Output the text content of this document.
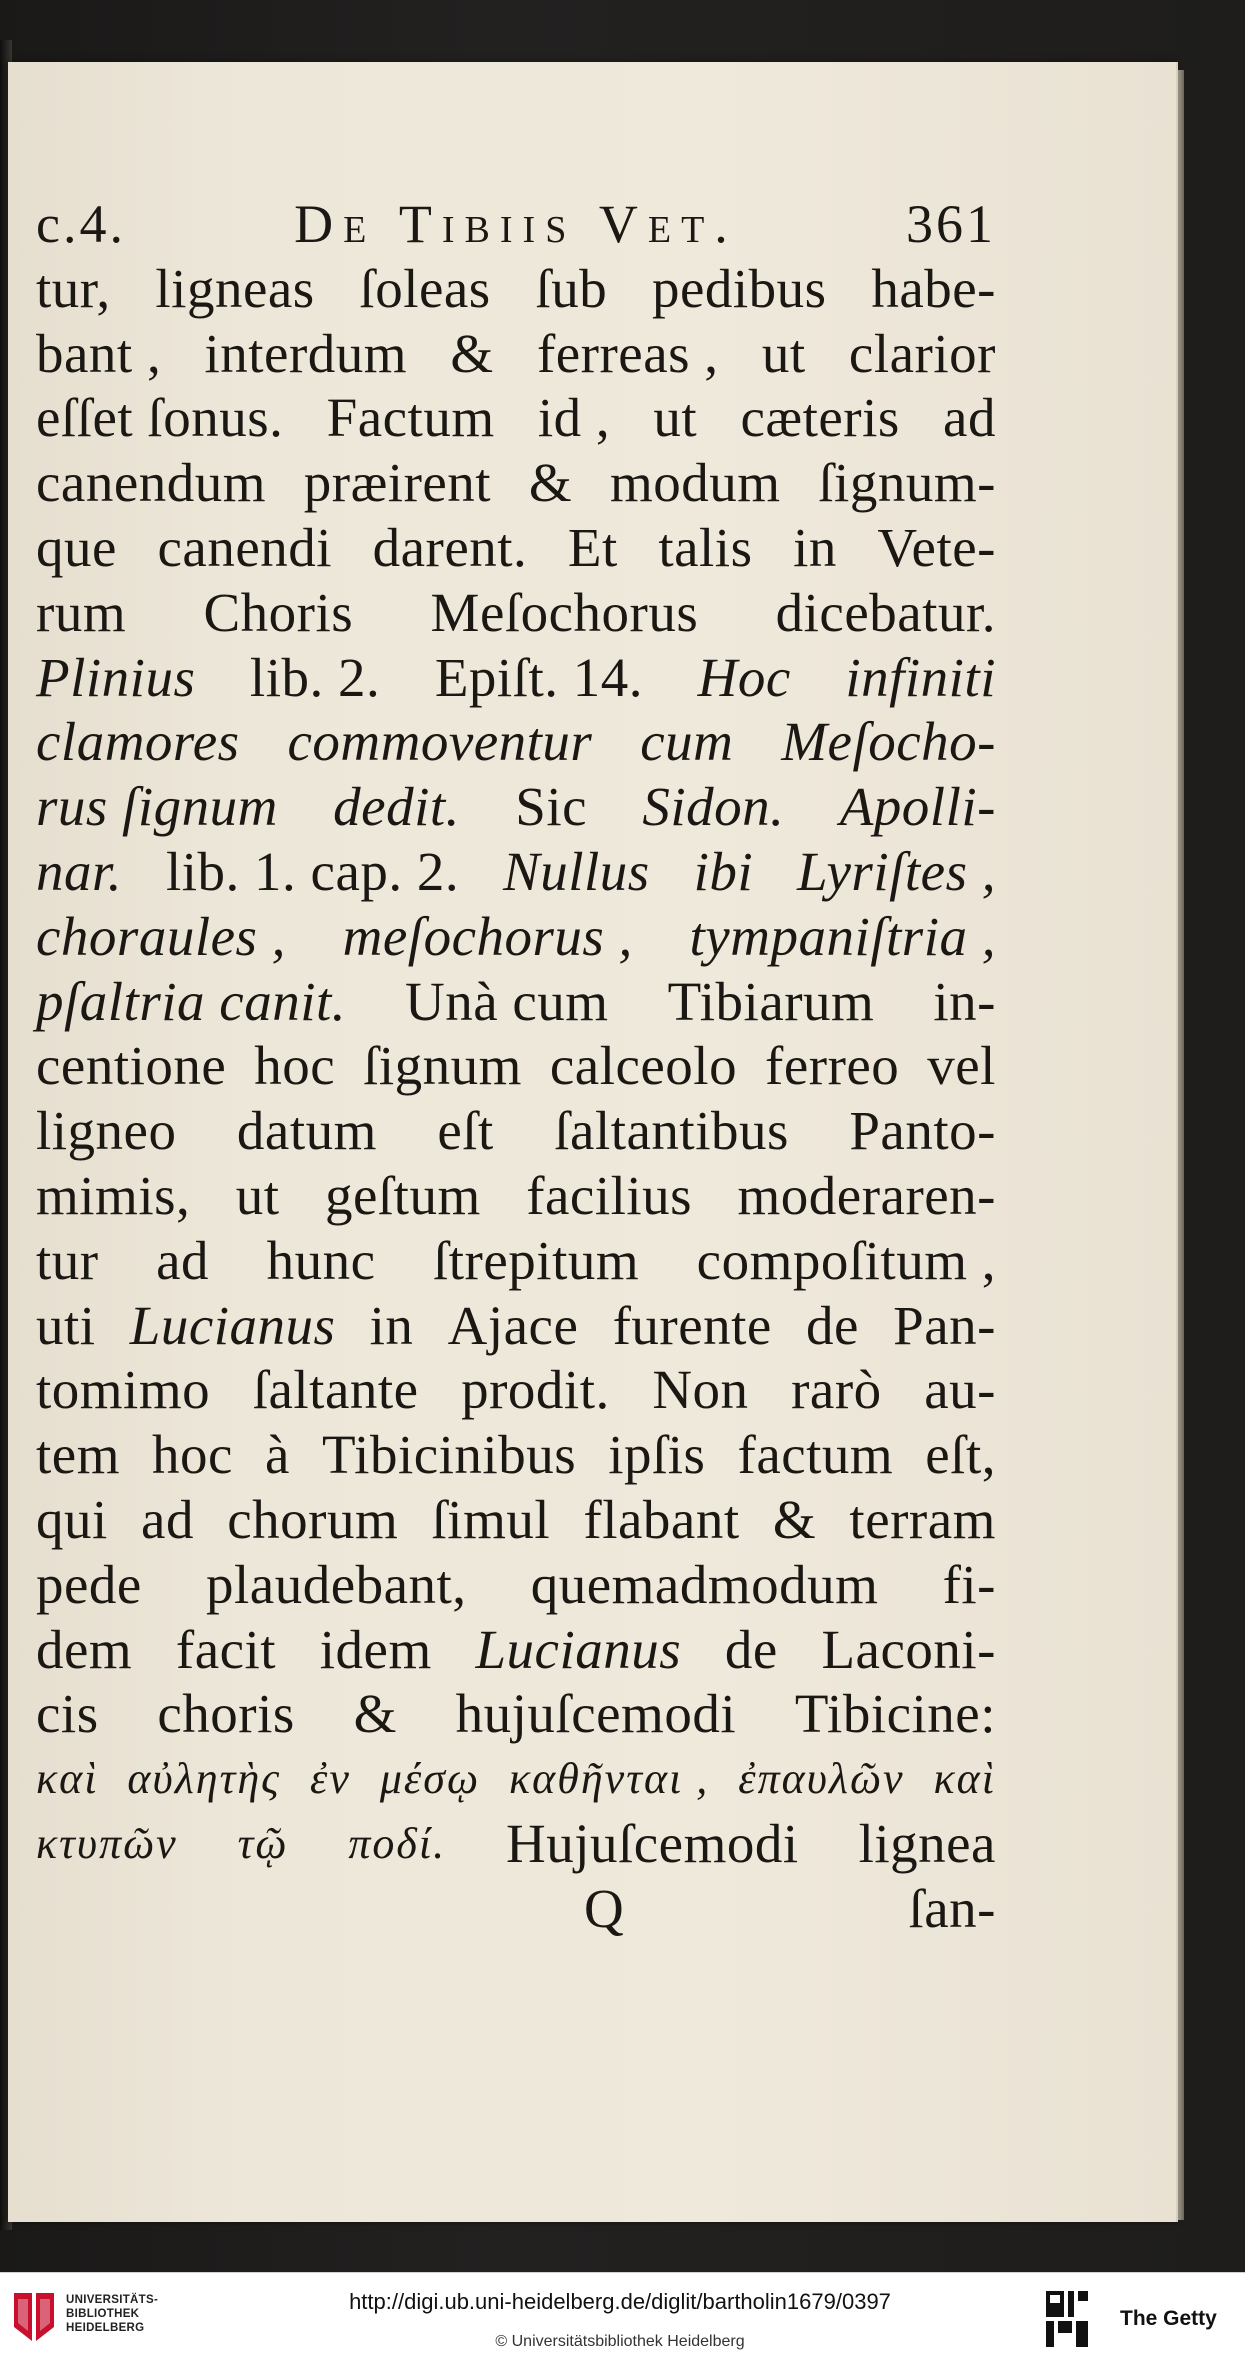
c.4.	De Tibiis Vet.	361
tur, ligneas ſoleas ſub pedibus habe-
bant , interdum & ferreas , ut clarior
eſſet ſonus. Factum id , ut cæteris ad
canendum præirent & modum ſignum-
que canendi darent. Et talis in Vete-
rum Choris Meſochorus dicebatur.
Plinius lib. 2. Epiſt. 14. Hoc infiniti
clamores commoventur cum Meſocho-
rus ſignum dedit. Sic Sidon. Apolli-
nar. lib. 1. cap. 2. Nullus ibi Lyriſtes ,
choraules , meſochorus , tympaniſtria ,
pſaltria canit. Unà cum Tibiarum in-
centione hoc ſignum calceolo ferreo vel
ligneo datum eſt ſaltantibus Panto-
mimis, ut geſtum facilius moderaren-
tur ad hunc ſtrepitum compoſitum ,
uti Lucianus in Ajace furente de Pan-
tomimo ſaltante prodit. Non rarò au-
tem hoc à Tibicinibus ipſis factum eſt,
qui ad chorum ſimul flabant & terram
pede plaudebant, quemadmodum fi-
dem facit idem Lucianus de Laconi-
cis choris & hujuſcemodi Tibicine:
καὶ αὐλητὴς ἐν μέσῳ καθῆνται , ἐπαυλῶν καὶ
κτυπῶν τῷ ποδί. Hujuſcemodi lignea
Q	ſan-
UNIVERSITÄTS-
BIBLIOTHEK
HEIDELBERG
http://digi.ub.uni-heidelberg.de/diglit/bartholin1679/0397
© Universitätsbibliothek Heidelberg
The Getty
